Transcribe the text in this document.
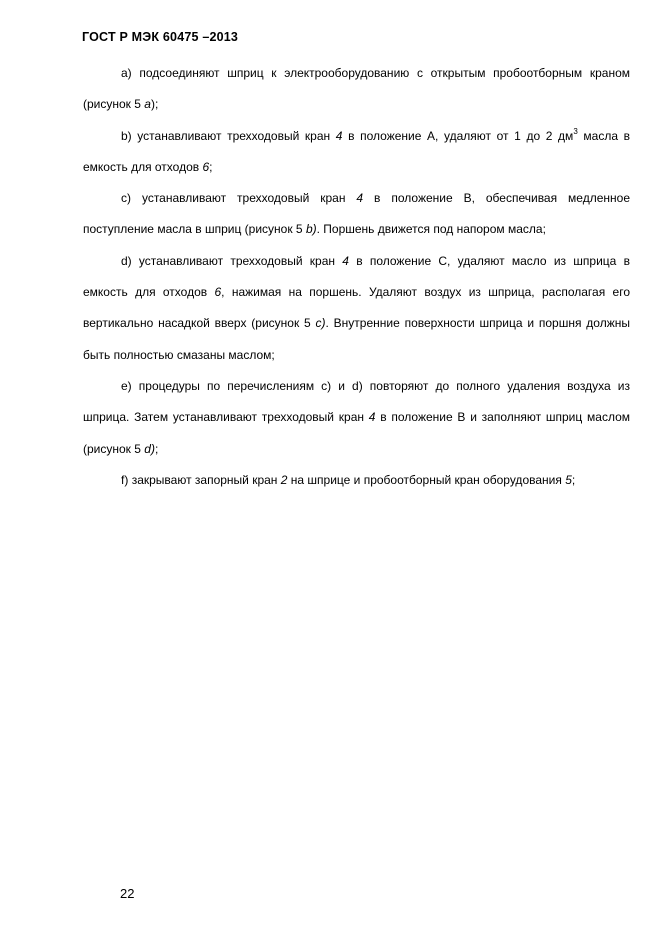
ГОСТ Р МЭК 60475 –2013

a) подсоединяют шприц к электрооборудованию с открытым пробоотборным краном (рисунок 5 a);

b) устанавливают трехходовый кран 4 в положение A, удаляют от 1 до 2 $дм^3$ масла в емкость для отходов 6;

c) устанавливают трехходовый кран 4 в положение B, обеспечивая медленное поступление масла в шприц (рисунок 5 b). Поршень движется под напором масла;

d) устанавливают трехходовый кран 4 в положение C, удаляют масло из шприца в емкость для отходов 6, нажимая на поршень. Удаляют воздух из шприца, располагая его вертикально насадкой вверх (рисунок 5 c). Внутренние поверхности шприца и поршня должны быть полностью смазаны маслом;

e) процедуры по перечислениям c) и d) повторяют до полного удаления воздуха из шприца. Затем устанавливают трехходовый кран 4 в положение B и заполняют шприц маслом (рисунок 5 d);

f) закрывают запорный кран 2 на шприце и пробоотборный кран оборудования 5;

22
